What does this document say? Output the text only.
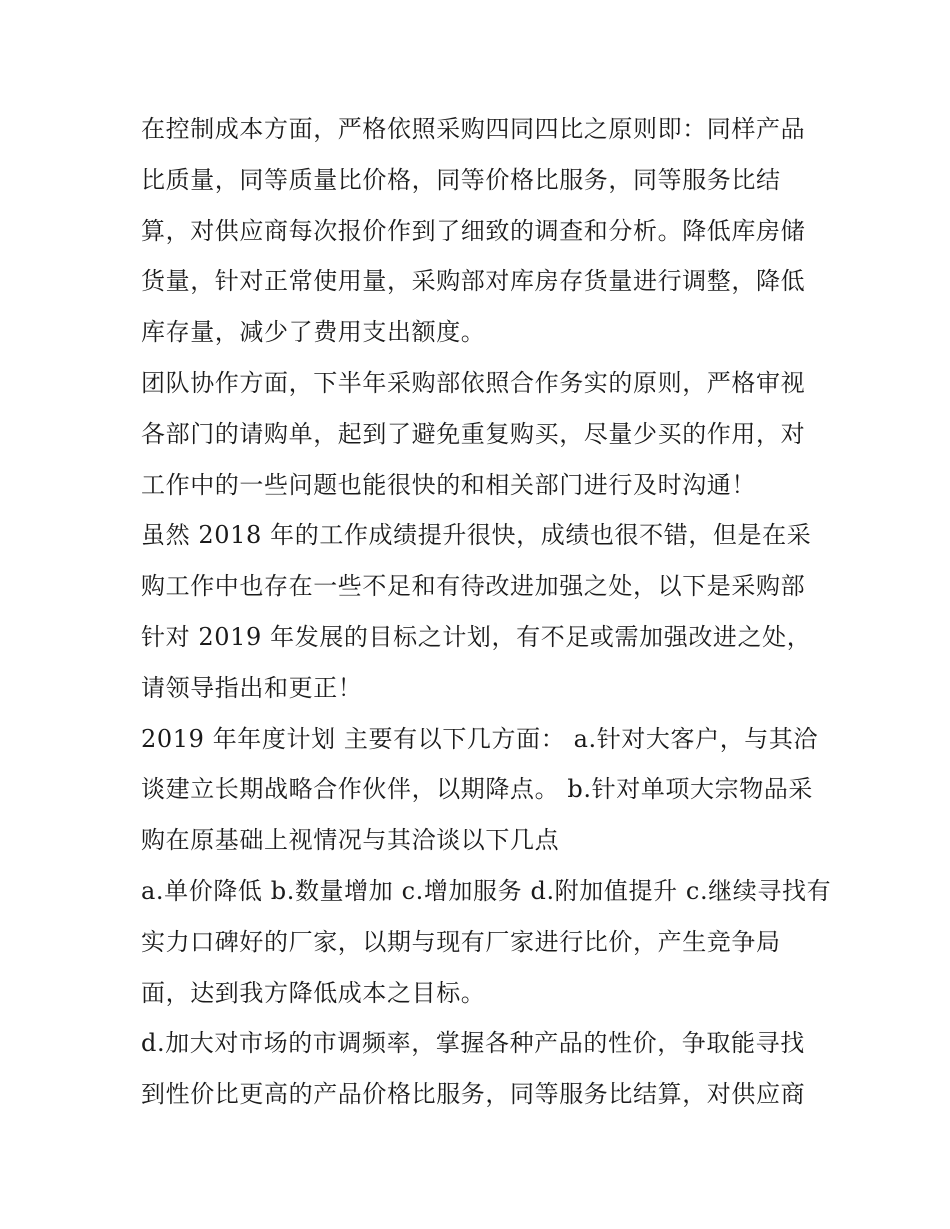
在控制成本方面，严格依照采购四同四比之原则即：同样产品
比质量，同等质量比价格，同等价格比服务，同等服务比结
算，对供应商每次报价作到了细致的调查和分析。降低库房储
货量，针对正常使用量，采购部对库房存货量进行调整，降低
库存量，减少了费用支出额度。

团队协作方面，下半年采购部依照合作务实的原则，严格审视
各部门的请购单，起到了避免重复购买，尽量少买的作用，对
工作中的一些问题也能很快的和相关部门进行及时沟通！

虽然 2018 年的工作成绩提升很快，成绩也很不错，但是在采
购工作中也存在一些不足和有待改进加强之处，以下是采购部
针对 2019 年发展的目标之计划，有不足或需加强改进之处，
请领导指出和更正！

2019 年年度计划 主要有以下几方面： a.针对大客户，与其洽
谈建立长期战略合作伙伴，以期降点。 b.针对单项大宗物品采
购在原基础上视情况与其洽谈以下几点

a.单价降低 b.数量增加 c.增加服务 d.附加值提升 c.继续寻找有
实力口碑好的厂家，以期与现有厂家进行比价，产生竞争局
面，达到我方降低成本之目标。

d.加大对市场的市调频率，掌握各种产品的性价，争取能寻找
到性价比更高的产品价格比服务，同等服务比结算，对供应商
